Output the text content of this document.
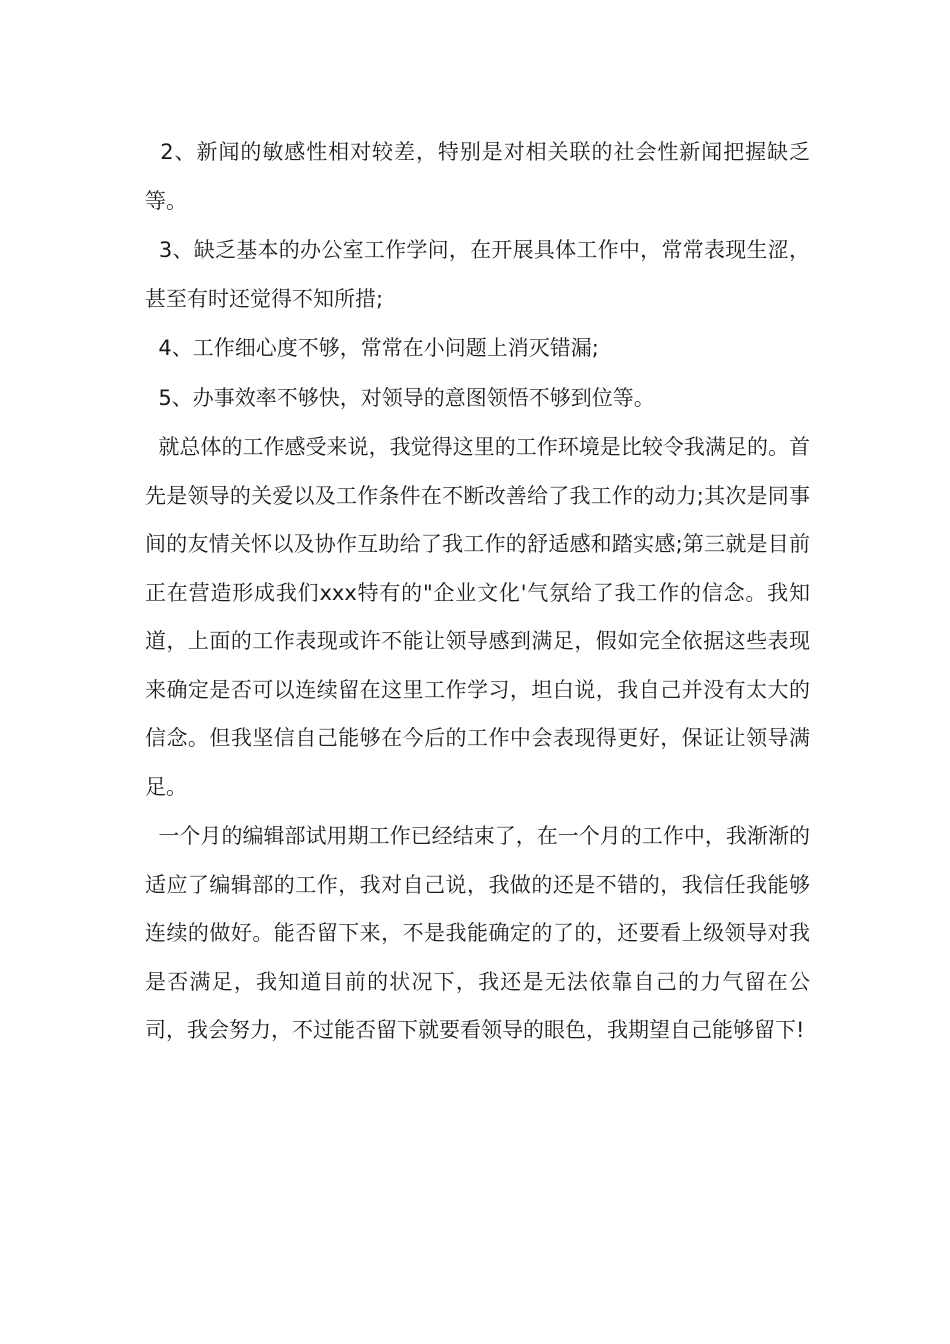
2、新闻的敏感性相对较差，特别是对相关联的社会性新闻把握缺乏等。

3、缺乏基本的办公室工作学问，在开展具体工作中，常常表现生涩，甚至有时还觉得不知所措;

4、工作细心度不够，常常在小问题上消灭错漏;

5、办事效率不够快，对领导的意图领悟不够到位等。

就总体的工作感受来说，我觉得这里的工作环境是比较令我满足的。首先是领导的关爱以及工作条件在不断改善给了我工作的动力;其次是同事间的友情关怀以及协作互助给了我工作的舒适感和踏实感;第三就是目前正在营造形成我们xxx特有的"企业文化'气氛给了我工作的信念。我知道，上面的工作表现或许不能让领导感到满足，假如完全依据这些表现来确定是否可以连续留在这里工作学习，坦白说，我自己并没有太大的信念。但我坚信自己能够在今后的工作中会表现得更好，保证让领导满足。

一个月的编辑部试用期工作已经结束了，在一个月的工作中，我渐渐的适应了编辑部的工作，我对自己说，我做的还是不错的，我信任我能够连续的做好。能否留下来，不是我能确定的了的，还要看上级领导对我是否满足，我知道目前的状况下，我还是无法依靠自己的力气留在公司，我会努力，不过能否留下就要看领导的眼色，我期望自己能够留下!
